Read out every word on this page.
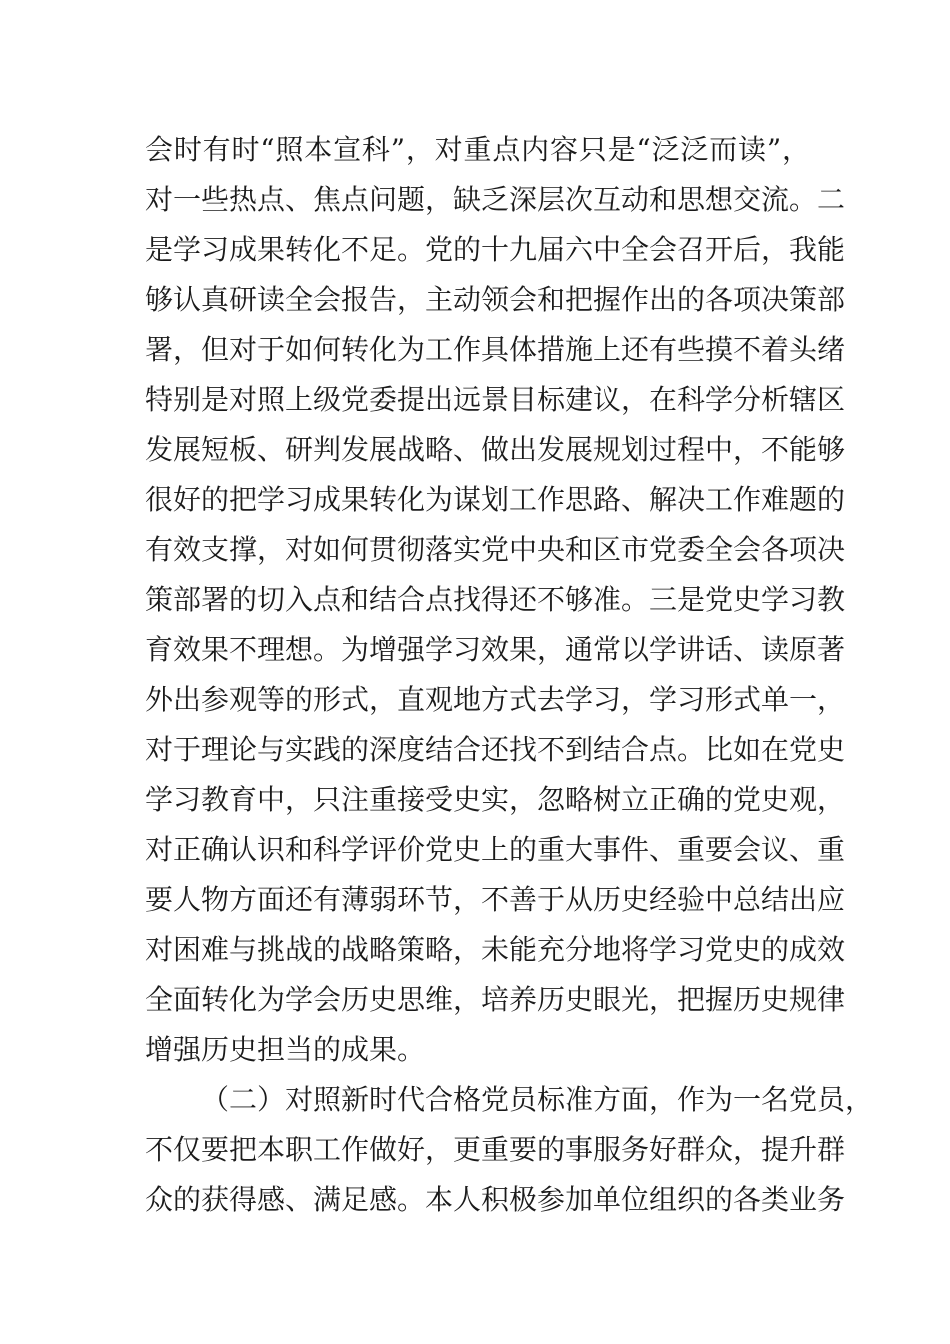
会时有时“照本宣科”，对重点内容只是“泛泛而读”，
对一些热点、焦点问题，缺乏深层次互动和思想交流。二
是学习成果转化不足。党的十九届六中全会召开后，我能
够认真研读全会报告，主动领会和把握作出的各项决策部
署，但对于如何转化为工作具体措施上还有些摸不着头绪
特别是对照上级党委提出远景目标建议，在科学分析辖区
发展短板、研判发展战略、做出发展规划过程中，不能够
很好的把学习成果转化为谋划工作思路、解决工作难题的
有效支撑，对如何贯彻落实党中央和区市党委全会各项决
策部署的切入点和结合点找得还不够准。三是党史学习教
育效果不理想。为增强学习效果，通常以学讲话、读原著
外出参观等的形式，直观地方式去学习，学习形式单一，
对于理论与实践的深度结合还找不到结合点。比如在党史
学习教育中，只注重接受史实，忽略树立正确的党史观，
对正确认识和科学评价党史上的重大事件、重要会议、重
要人物方面还有薄弱环节，不善于从历史经验中总结出应
对困难与挑战的战略策略，未能充分地将学习党史的成效
全面转化为学会历史思维，培养历史眼光，把握历史规律
增强历史担当的成果。
（二）对照新时代合格党员标准方面，作为一名党员，
不仅要把本职工作做好，更重要的事服务好群众，提升群
众的获得感、满足感。本人积极参加单位组织的各类业务
